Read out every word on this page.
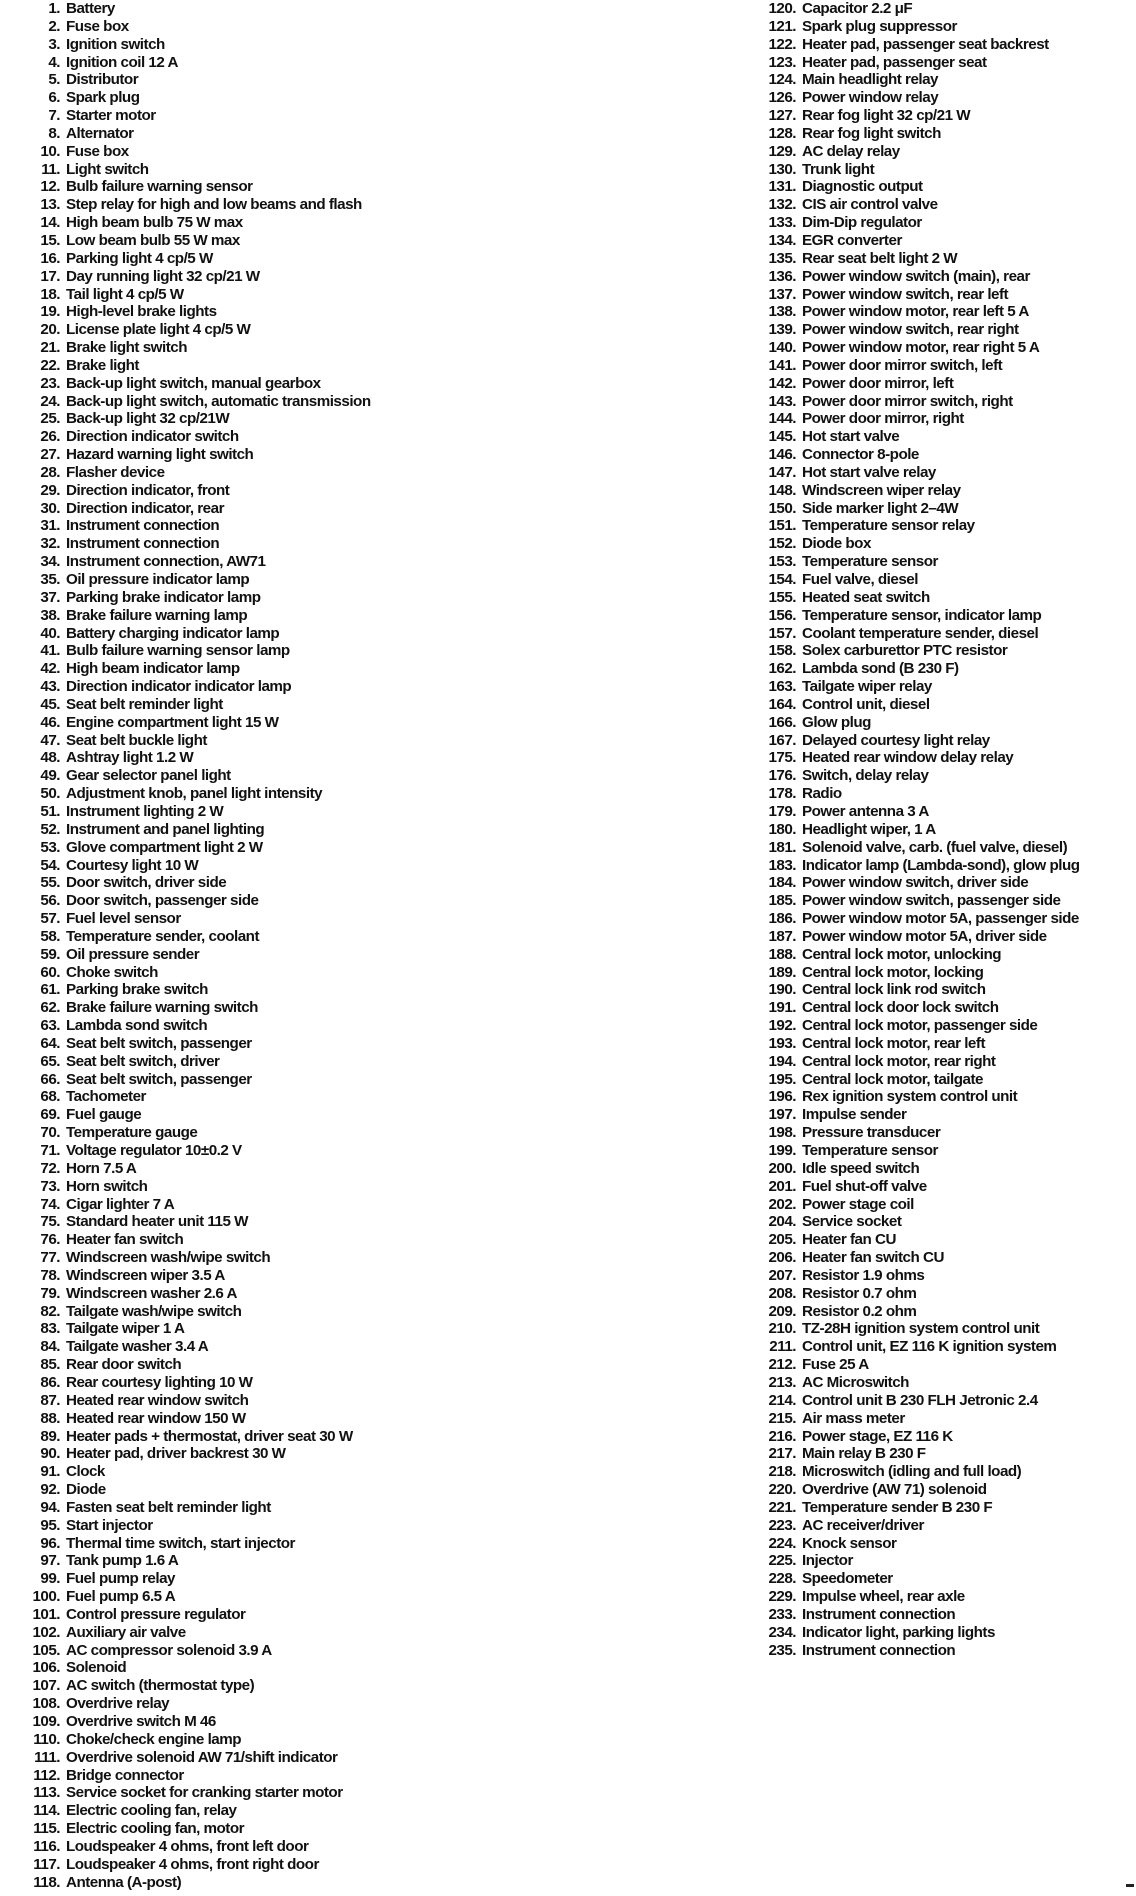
1. Battery
2. Fuse box
3. Ignition switch
4. Ignition coil 12 A
5. Distributor
6. Spark plug
7. Starter motor
8. Alternator
10. Fuse box
11. Light switch
12. Bulb failure warning sensor
13. Step relay for high and low beams and flash
14. High beam bulb 75 W max
15. Low beam bulb 55 W max
16. Parking light 4 cp/5 W
17. Day running light 32 cp/21 W
18. Tail light 4 cp/5 W
19. High-level brake lights
20. License plate light 4 cp/5 W
21. Brake light switch
22. Brake light
23. Back-up light switch, manual gearbox
24. Back-up light switch, automatic transmission
25. Back-up light 32 cp/21W
26. Direction indicator switch
27. Hazard warning light switch
28. Flasher device
29. Direction indicator, front
30. Direction indicator, rear
31. Instrument connection
32. Instrument connection
34. Instrument connection, AW71
35. Oil pressure indicator lamp
37. Parking brake indicator lamp
38. Brake failure warning lamp
40. Battery charging indicator lamp
41. Bulb failure warning sensor lamp
42. High beam indicator lamp
43. Direction indicator indicator lamp
45. Seat belt reminder light
46. Engine compartment light 15 W
47. Seat belt buckle light
48. Ashtray light 1.2 W
49. Gear selector panel light
50. Adjustment knob, panel light intensity
51. Instrument lighting 2 W
52. Instrument and panel lighting
53. Glove compartment light 2 W
54. Courtesy light 10 W
55. Door switch, driver side
56. Door switch, passenger side
57. Fuel level sensor
58. Temperature sender, coolant
59. Oil pressure sender
60. Choke switch
61. Parking brake switch
62. Brake failure warning switch
63. Lambda sond switch
64. Seat belt switch, passenger
65. Seat belt switch, driver
66. Seat belt switch, passenger
68. Tachometer
69. Fuel gauge
70. Temperature gauge
71. Voltage regulator 10±0.2 V
72. Horn 7.5 A
73. Horn switch
74. Cigar lighter 7 A
75. Standard heater unit 115 W
76. Heater fan switch
77. Windscreen wash/wipe switch
78. Windscreen wiper 3.5 A
79. Windscreen washer 2.6 A
82. Tailgate wash/wipe switch
83. Tailgate wiper 1 A
84. Tailgate washer 3.4 A
85. Rear door switch
86. Rear courtesy lighting 10 W
87. Heated rear window switch
88. Heated rear window 150 W
89. Heater pads + thermostat, driver seat 30 W
90. Heater pad, driver backrest 30 W
91. Clock
92. Diode
94. Fasten seat belt reminder light
95. Start injector
96. Thermal time switch, start injector
97. Tank pump 1.6 A
99. Fuel pump relay
100. Fuel pump 6.5 A
101. Control pressure regulator
102. Auxiliary air valve
105. AC compressor solenoid 3.9 A
106. Solenoid
107. AC switch (thermostat type)
108. Overdrive relay
109. Overdrive switch M 46
110. Choke/check engine lamp
111. Overdrive solenoid AW 71/shift indicator
112. Bridge connector
113. Service socket for cranking starter motor
114. Electric cooling fan, relay
115. Electric cooling fan, motor
116. Loudspeaker 4 ohms, front left door
117. Loudspeaker 4 ohms, front right door
118. Antenna (A-post)
120. Capacitor 2.2 μF
121. Spark plug suppressor
122. Heater pad, passenger seat backrest
123. Heater pad, passenger seat
124. Main headlight relay
126. Power window relay
127. Rear fog light 32 cp/21 W
128. Rear fog light switch
129. AC delay relay
130. Trunk light
131. Diagnostic output
132. CIS air control valve
133. Dim-Dip regulator
134. EGR converter
135. Rear seat belt light 2 W
136. Power window switch (main), rear
137. Power window switch, rear left
138. Power window motor, rear left 5 A
139. Power window switch, rear right
140. Power window motor, rear right 5 A
141. Power door mirror switch, left
142. Power door mirror, left
143. Power door mirror switch, right
144. Power door mirror, right
145. Hot start valve
146. Connector 8-pole
147. Hot start valve relay
148. Windscreen wiper relay
150. Side marker light 2–4W
151. Temperature sensor relay
152. Diode box
153. Temperature sensor
154. Fuel valve, diesel
155. Heated seat switch
156. Temperature sensor, indicator lamp
157. Coolant temperature sender, diesel
158. Solex carburettor PTC resistor
162. Lambda sond (B 230 F)
163. Tailgate wiper relay
164. Control unit, diesel
166. Glow plug
167. Delayed courtesy light relay
175. Heated rear window delay relay
176. Switch, delay relay
178. Radio
179. Power antenna 3 A
180. Headlight wiper, 1 A
181. Solenoid valve, carb. (fuel valve, diesel)
183. Indicator lamp (Lambda-sond), glow plug
184. Power window switch, driver side
185. Power window switch, passenger side
186. Power window motor 5A, passenger side
187. Power window motor 5A, driver side
188. Central lock motor, unlocking
189. Central lock motor, locking
190. Central lock link rod switch
191. Central lock door lock switch
192. Central lock motor, passenger side
193. Central lock motor, rear left
194. Central lock motor, rear right
195. Central lock motor, tailgate
196. Rex ignition system control unit
197. Impulse sender
198. Pressure transducer
199. Temperature sensor
200. Idle speed switch
201. Fuel shut-off valve
202. Power stage coil
204. Service socket
205. Heater fan CU
206. Heater fan switch CU
207. Resistor 1.9 ohms
208. Resistor 0.7 ohm
209. Resistor 0.2 ohm
210. TZ-28H ignition system control unit
211. Control unit, EZ 116 K ignition system
212. Fuse 25 A
213. AC Microswitch
214. Control unit B 230 FLH Jetronic 2.4
215. Air mass meter
216. Power stage, EZ 116 K
217. Main relay B 230 F
218. Microswitch (idling and full load)
220. Overdrive (AW 71) solenoid
221. Temperature sender B 230 F
223. AC receiver/driver
224. Knock sensor
225. Injector
228. Speedometer
229. Impulse wheel, rear axle
233. Instrument connection
234. Indicator light, parking lights
235. Instrument connection
